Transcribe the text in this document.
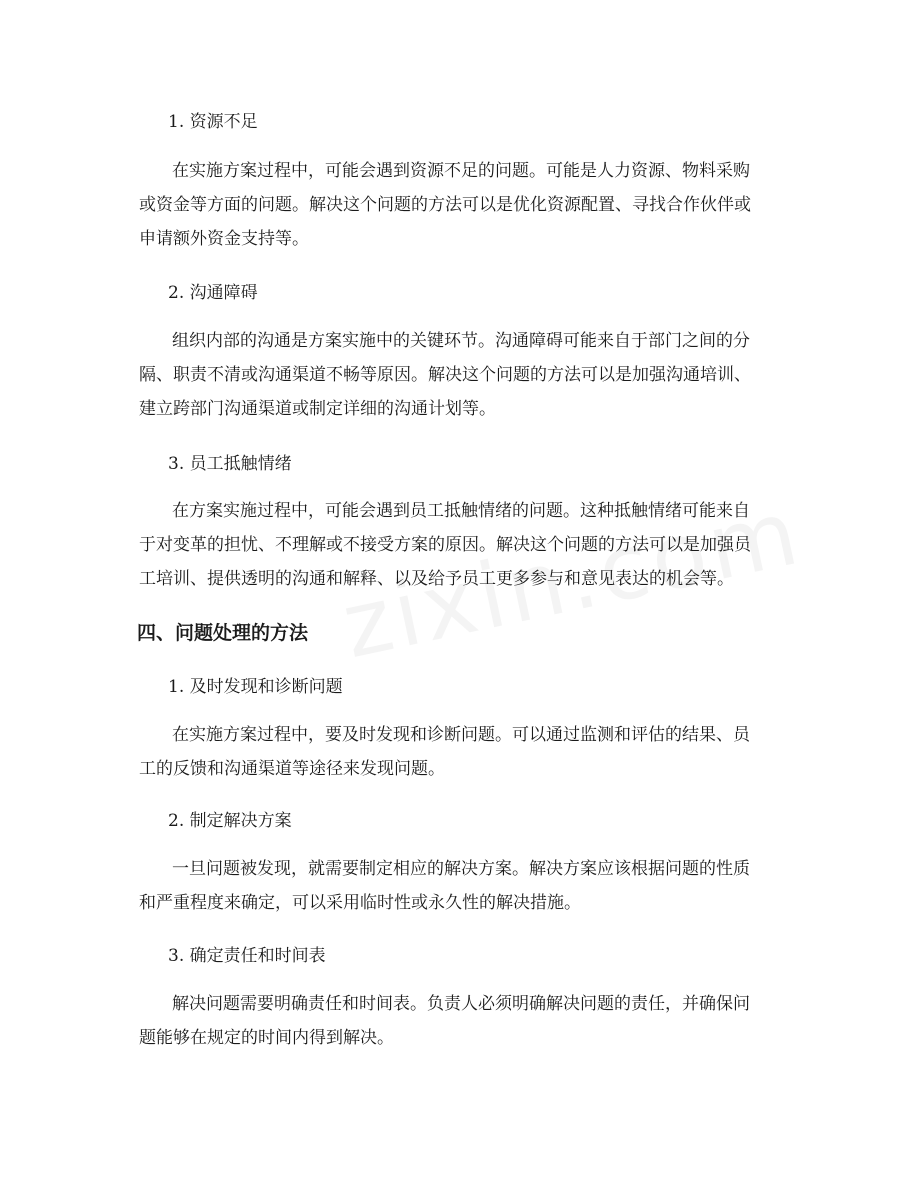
1. 资源不足
在实施方案过程中，可能会遇到资源不足的问题。可能是人力资源、物料采购
或资金等方面的问题。解决这个问题的方法可以是优化资源配置、寻找合作伙伴或
申请额外资金支持等。
2. 沟通障碍
组织内部的沟通是方案实施中的关键环节。沟通障碍可能来自于部门之间的分
隔、职责不清或沟通渠道不畅等原因。解决这个问题的方法可以是加强沟通培训、
建立跨部门沟通渠道或制定详细的沟通计划等。
3. 员工抵触情绪
在方案实施过程中，可能会遇到员工抵触情绪的问题。这种抵触情绪可能来自
于对变革的担忧、不理解或不接受方案的原因。解决这个问题的方法可以是加强员
工培训、提供透明的沟通和解释、以及给予员工更多参与和意见表达的机会等。
四、问题处理的方法
1. 及时发现和诊断问题
在实施方案过程中，要及时发现和诊断问题。可以通过监测和评估的结果、员
工的反馈和沟通渠道等途径来发现问题。
2. 制定解决方案
一旦问题被发现，就需要制定相应的解决方案。解决方案应该根据问题的性质
和严重程度来确定，可以采用临时性或永久性的解决措施。
3. 确定责任和时间表
解决问题需要明确责任和时间表。负责人必须明确解决问题的责任，并确保问
题能够在规定的时间内得到解决。
